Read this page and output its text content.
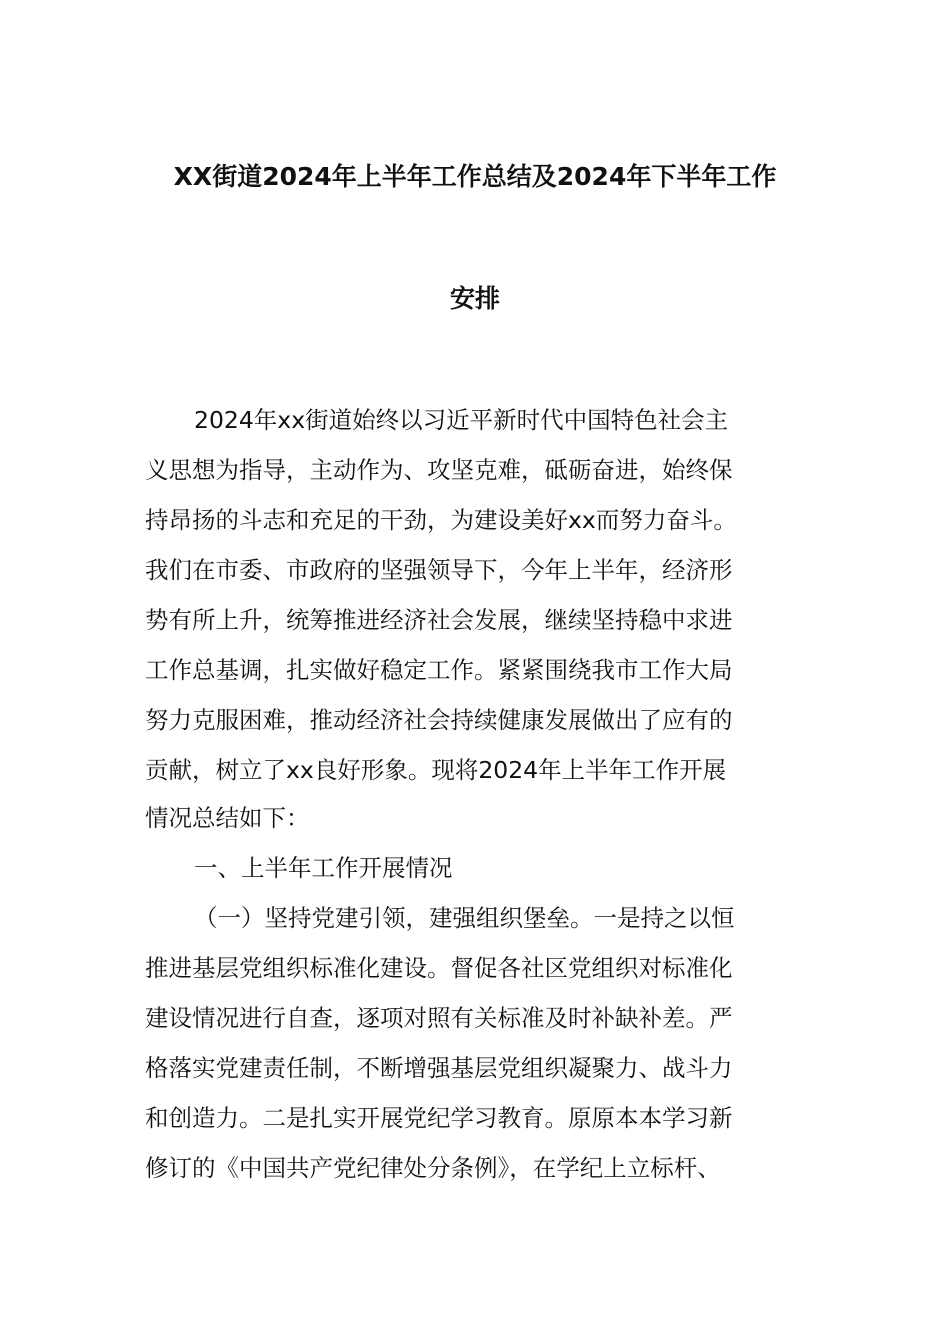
XX街道2024年上半年工作总结及2024年下半年工作
安排
2024年xx街道始终以习近平新时代中国特色社会主
义思想为指导，主动作为、攻坚克难，砥砺奋进，始终保
持昂扬的斗志和充足的干劲，为建设美好xx而努力奋斗。
我们在市委、市政府的坚强领导下，今年上半年，经济形
势有所上升，统筹推进经济社会发展，继续坚持稳中求进
工作总基调，扎实做好稳定工作。紧紧围绕我市工作大局
努力克服困难，推动经济社会持续健康发展做出了应有的
贡献，树立了xx良好形象。现将2024年上半年工作开展
情况总结如下：
一、上半年工作开展情况
（一）坚持党建引领，建强组织堡垒。一是持之以恒
推进基层党组织标准化建设。督促各社区党组织对标准化
建设情况进行自查，逐项对照有关标准及时补缺补差。严
格落实党建责任制，不断增强基层党组织凝聚力、战斗力
和创造力。二是扎实开展党纪学习教育。原原本本学习新
修订的《中国共产党纪律处分条例》，在学纪上立标杆、
